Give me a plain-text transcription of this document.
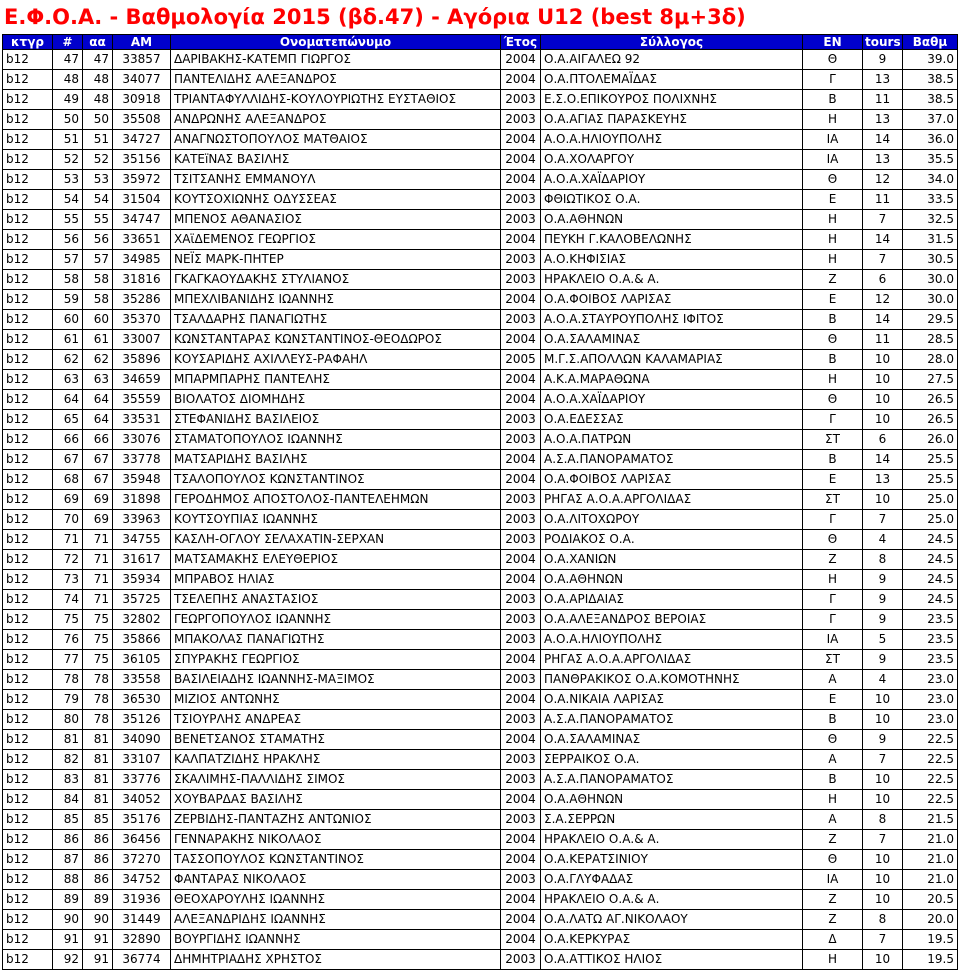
Ε.Φ.Ο.Α. - Βαθμολογία 2015 (βδ.47) - Αγόρια U12 (best 8μ+3δ)
κτγρ	#	αα	ΑΜ	Ονοματεπώνυμο	Έτος	Σύλλογος	EN	tours	Βαθμ
b12	47	47	33857	ΔΑΡΙΒΑΚΗΣ-ΚΑΤΕΜΠ ΓΙΩΡΓΟΣ	2004	Ο.Α.ΑΙΓΑΛΕΩ 92	Θ	9	39.0
b12	48	48	34077	ΠΑΝΤΕΛΙΔΗΣ ΑΛΕΞΑΝΔΡΟΣ	2004	Ο.Α.ΠΤΟΛΕΜΑΪΔΑΣ	Γ	13	38.5
b12	49	48	30918	ΤΡΙΑΝΤΑΦΥΛΛΙΔΗΣ-ΚΟΥΛΟΥΡΙΩΤΗΣ ΕΥΣΤΑΘΙΟΣ	2003	Ε.Σ.Ο.ΕΠΙΚΟΥΡΟΣ ΠΟΛΙΧΝΗΣ	Β	11	38.5
b12	50	50	35508	ΑΝΔΡΩΝΗΣ ΑΛΕΞΑΝΔΡΟΣ	2003	Ο.Α.ΑΓΙΑΣ ΠΑΡΑΣΚΕΥΗΣ	Η	13	37.0
b12	51	51	34727	ΑΝΑΓΝΩΣΤΟΠΟΥΛΟΣ ΜΑΤΘΑΙΟΣ	2004	Α.Ο.Α.ΗΛΙΟΥΠΟΛΗΣ	ΙΑ	14	36.0
b12	52	52	35156	ΚΑΤΕïΝΑΣ ΒΑΣΙΛΗΣ	2004	Ο.Α.ΧΟΛΑΡΓΟΥ	ΙΑ	13	35.5
b12	53	53	35972	ΤΣΙΤΣΑΝΗΣ ΕΜΜΑΝΟΥΛ	2004	Α.Ο.Α.ΧΑΪΔΑΡΙΟΥ	Θ	12	34.0
b12	54	54	31504	ΚΟΥΤΣΟΧΙΩΝΗΣ ΟΔΥΣΣΕΑΣ	2003	ΦΘΙΩΤΙΚΟΣ Ο.Α.	Ε	11	33.5
b12	55	55	34747	ΜΠΕΝΟΣ ΑΘΑΝΑΣΙΟΣ	2003	Ο.Α.ΑΘΗΝΩΝ	Η	7	32.5
b12	56	56	33651	ΧΑϊΔΕΜΕΝΟΣ ΓΕΩΡΓΙΟΣ	2004	ΠΕΥΚΗ Γ.ΚΑΛΟΒΕΛΩΝΗΣ	Η	14	31.5
b12	57	57	34985	ΝΕΪΣ ΜΑΡΚ-ΠΗΤΕΡ	2003	Α.Ο.ΚΗΦΙΣΙΑΣ	Η	7	30.5
b12	58	58	31816	ΓΚΑΓΚΑΟΥΔΑΚΗΣ ΣΤΥΛΙΑΝΟΣ	2003	ΗΡΑΚΛΕΙΟ Ο.Α.& Α.	Ζ	6	30.0
b12	59	58	35286	ΜΠΕΧΛΙΒΑΝΙΔΗΣ ΙΩΑΝΝΗΣ	2004	Ο.Α.ΦΟΙΒΟΣ ΛΑΡΙΣΑΣ	Ε	12	30.0
b12	60	60	35370	ΤΣΑΛΔΑΡΗΣ ΠΑΝΑΓΙΩΤΗΣ	2003	Α.Ο.Α.ΣΤΑΥΡΟΥΠΟΛΗΣ ΙΦΙΤΟΣ	Β	14	29.5
b12	61	61	33007	ΚΩΝΣΤΑΝΤΑΡΑΣ ΚΩΝΣΤΑΝΤΙΝΟΣ-ΘΕΟΔΩΡΟΣ	2004	Ο.Α.ΣΑΛΑΜΙΝΑΣ	Θ	11	28.5
b12	62	62	35896	ΚΟΥΣΑΡΙΔΗΣ ΑΧΙΛΛΕΥΣ-ΡΑΦΑΗΛ	2005	Μ.Γ.Σ.ΑΠΟΛΛΩΝ ΚΑΛΑΜΑΡΙΑΣ	Β	10	28.0
b12	63	63	34659	ΜΠΑΡΜΠΑΡΗΣ ΠΑΝΤΕΛΗΣ	2004	Α.Κ.Α.ΜΑΡΑΘΩΝΑ	Η	10	27.5
b12	64	64	35559	ΒΙΟΛΑΤΟΣ ΔΙΟΜΗΔΗΣ	2004	Α.Ο.Α.ΧΑΪΔΑΡΙΟΥ	Θ	10	26.5
b12	65	64	33531	ΣΤΕΦΑΝΙΔΗΣ ΒΑΣΙΛΕΙΟΣ	2003	Ο.Α.ΕΔΕΣΣΑΣ	Γ	10	26.5
b12	66	66	33076	ΣΤΑΜΑΤΟΠΟΥΛΟΣ ΙΩΑΝΝΗΣ	2003	Α.Ο.Α.ΠΑΤΡΩΝ	ΣΤ	6	26.0
b12	67	67	33778	ΜΑΤΣΑΡΙΔΗΣ ΒΑΣΙΛΗΣ	2004	Α.Σ.Α.ΠΑΝΟΡΑΜΑΤΟΣ	Β	14	25.5
b12	68	67	35948	ΤΣΑΛΟΠΟΥΛΟΣ ΚΩΝΣΤΑΝΤΙΝΟΣ	2004	Ο.Α.ΦΟΙΒΟΣ ΛΑΡΙΣΑΣ	Ε	13	25.5
b12	69	69	31898	ΓΕΡΟΔΗΜΟΣ ΑΠΟΣΤΟΛΟΣ-ΠΑΝΤΕΛΕΗΜΩΝ	2003	ΡΗΓΑΣ Α.Ο.Α.ΑΡΓΟΛΙΔΑΣ	ΣΤ	10	25.0
b12	70	69	33963	ΚΟΥΤΣΟΥΠΙΑΣ ΙΩΑΝΝΗΣ	2003	Ο.Α.ΛΙΤΟΧΩΡΟΥ	Γ	7	25.0
b12	71	71	34755	ΚΑΣΛΗ-ΟΓΛΟΥ ΣΕΛΑΧΑΤΙΝ-ΣΕΡΧΑΝ	2003	ΡΟΔΙΑΚΟΣ Ο.Α.	Θ	4	24.5
b12	72	71	31617	ΜΑΤΣΑΜΑΚΗΣ ΕΛΕΥΘΕΡΙΟΣ	2004	Ο.Α.ΧΑΝΙΩΝ	Ζ	8	24.5
b12	73	71	35934	ΜΠΡΑΒΟΣ ΗΛΙΑΣ	2004	Ο.Α.ΑΘΗΝΩΝ	Η	9	24.5
b12	74	71	35725	ΤΣΕΛΕΠΗΣ ΑΝΑΣΤΑΣΙΟΣ	2003	Ο.Α.ΑΡΙΔΑΙΑΣ	Γ	9	24.5
b12	75	75	32802	ΓΕΩΡΓΟΠΟΥΛΟΣ ΙΩΑΝΝΗΣ	2003	Ο.Α.ΑΛΕΞΑΝΔΡΟΣ ΒΕΡΟΙΑΣ	Γ	9	23.5
b12	76	75	35866	ΜΠΑΚΟΛΑΣ ΠΑΝΑΓΙΩΤΗΣ	2003	Α.Ο.Α.ΗΛΙΟΥΠΟΛΗΣ	ΙΑ	5	23.5
b12	77	75	36105	ΣΠΥΡΑΚΗΣ ΓΕΩΡΓΙΟΣ	2004	ΡΗΓΑΣ Α.Ο.Α.ΑΡΓΟΛΙΔΑΣ	ΣΤ	9	23.5
b12	78	78	33558	ΒΑΣΙΛΕΙΑΔΗΣ ΙΩΑΝΝΗΣ-ΜΑΞΙΜΟΣ	2003	ΠΑΝΘΡΑΚΙΚΟΣ Ο.Α.ΚΟΜΟΤΗΝΗΣ	Α	4	23.0
b12	79	78	36530	ΜΙΖΙΟΣ ΑΝΤΩΝΗΣ	2004	Ο.Α.ΝΙΚΑΙΑ ΛΑΡΙΣΑΣ	Ε	10	23.0
b12	80	78	35126	ΤΣΙΟΥΡΛΗΣ ΑΝΔΡΕΑΣ	2003	Α.Σ.Α.ΠΑΝΟΡΑΜΑΤΟΣ	Β	10	23.0
b12	81	81	34090	ΒΕΝΕΤΣΑΝΟΣ ΣΤΑΜΑΤΗΣ	2004	Ο.Α.ΣΑΛΑΜΙΝΑΣ	Θ	9	22.5
b12	82	81	33107	ΚΑΛΠΑΤΖΙΔΗΣ ΗΡΑΚΛΗΣ	2003	ΣΕΡΡΑΙΚΟΣ Ο.Α.	Α	7	22.5
b12	83	81	33776	ΣΚΑΛΙΜΗΣ-ΠΑΛΛΙΔΗΣ ΣΙΜΟΣ	2003	Α.Σ.Α.ΠΑΝΟΡΑΜΑΤΟΣ	Β	10	22.5
b12	84	81	34052	ΧΟΥΒΑΡΔΑΣ ΒΑΣΙΛΗΣ	2004	Ο.Α.ΑΘΗΝΩΝ	Η	10	22.5
b12	85	85	35176	ΖΕΡΒΙΔΗΣ-ΠΑΝΤΑΖΗΣ ΑΝΤΩΝΙΟΣ	2003	Σ.Α.ΣΕΡΡΩΝ	Α	8	21.5
b12	86	86	36456	ΓΕΝΝΑΡΑΚΗΣ ΝΙΚΟΛΑΟΣ	2004	ΗΡΑΚΛΕΙΟ Ο.Α.& Α.	Ζ	7	21.0
b12	87	86	37270	ΤΑΣΣΟΠΟΥΛΟΣ ΚΩΝΣΤΑΝΤΙΝΟΣ	2004	Ο.Α.ΚΕΡΑΤΣΙΝΙΟΥ	Θ	10	21.0
b12	88	86	34752	ΦΑΝΤΑΡΑΣ ΝΙΚΟΛΑΟΣ	2003	Ο.Α.ΓΛΥΦΑΔΑΣ	ΙΑ	10	21.0
b12	89	89	31936	ΘΕΟΧΑΡΟΥΛΗΣ ΙΩΑΝΝΗΣ	2004	ΗΡΑΚΛΕΙΟ Ο.Α.& Α.	Ζ	10	20.5
b12	90	90	31449	ΑΛΕΞΑΝΔΡΙΔΗΣ ΙΩΑΝΝΗΣ	2004	Ο.Α.ΛΑΤΩ ΑΓ.ΝΙΚΟΛΑΟΥ	Ζ	8	20.0
b12	91	91	32890	ΒΟΥΡΓΙΔΗΣ ΙΩΑΝΝΗΣ	2004	Ο.Α.ΚΕΡΚΥΡΑΣ	Δ	7	19.5
b12	92	91	36774	ΔΗΜΗΤΡΙΑΔΗΣ ΧΡΗΣΤΟΣ	2003	Ο.Α.ΑΤΤΙΚΟΣ ΗΛΙΟΣ	Η	10	19.5
